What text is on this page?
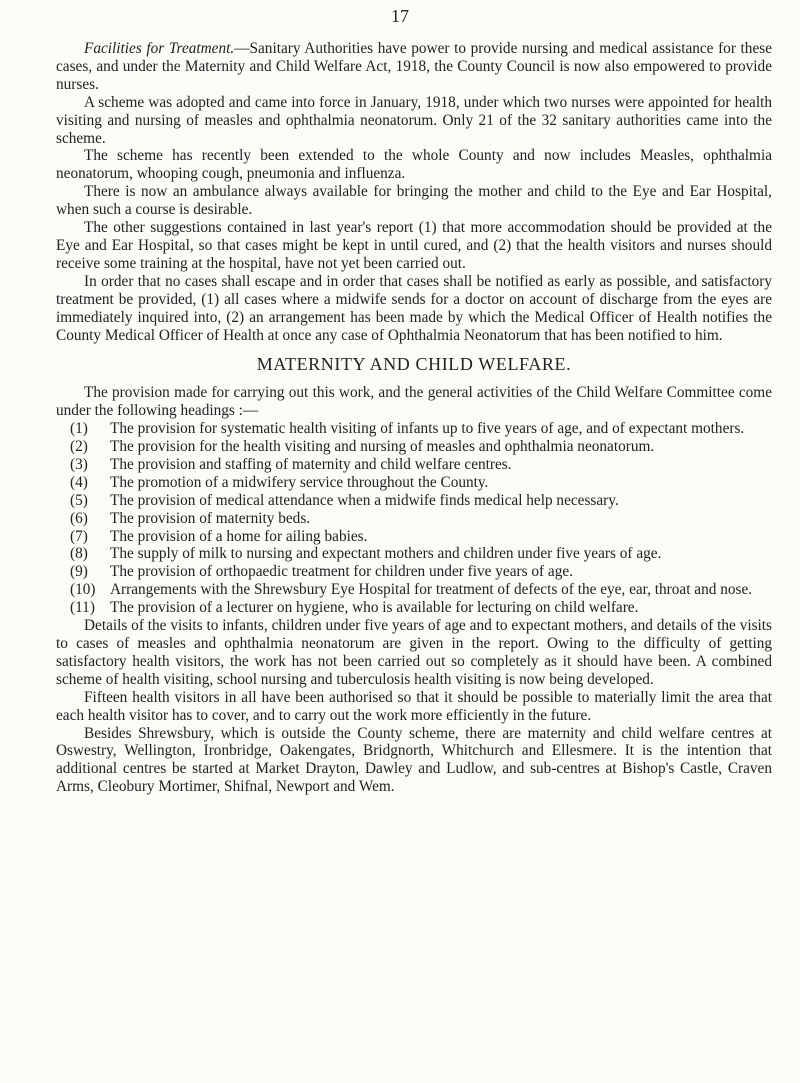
17

Facilities for Treatment.—Sanitary Authorities have power to provide nursing and medical assistance for these cases, and under the Maternity and Child Welfare Act, 1918, the County Council is now also empowered to provide nurses.

A scheme was adopted and came into force in January, 1918, under which two nurses were appointed for health visiting and nursing of measles and ophthalmia neonatorum. Only 21 of the 32 sanitary authorities came into the scheme.

The scheme has recently been extended to the whole County and now includes Measles, ophthalmia neonatorum, whooping cough, pneumonia and influenza.

There is now an ambulance always available for bringing the mother and child to the Eye and Ear Hospital, when such a course is desirable.

The other suggestions contained in last year's report (1) that more accommodation should be provided at the Eye and Ear Hospital, so that cases might be kept in until cured, and (2) that the health visitors and nurses should receive some training at the hospital, have not yet been carried out.

In order that no cases shall escape and in order that cases shall be notified as early as possible, and satisfactory treatment be provided, (1) all cases where a midwife sends for a doctor on account of discharge from the eyes are immediately inquired into, (2) an arrangement has been made by which the Medical Officer of Health notifies the County Medical Officer of Health at once any case of Ophthalmia Neonatorum that has been notified to him.

MATERNITY AND CHILD WELFARE.

The provision made for carrying out this work, and the general activities of the Child Welfare Committee come under the following headings :—

(1) The provision for systematic health visiting of infants up to five years of age, and of expectant mothers.
(2) The provision for the health visiting and nursing of measles and ophthalmia neonatorum.
(3) The provision and staffing of maternity and child welfare centres.
(4) The promotion of a midwifery service throughout the County.
(5) The provision of medical attendance when a midwife finds medical help necessary.
(6) The provision of maternity beds.
(7) The provision of a home for ailing babies.
(8) The supply of milk to nursing and expectant mothers and children under five years of age.
(9) The provision of orthopaedic treatment for children under five years of age.
(10) Arrangements with the Shrewsbury Eye Hospital for treatment of defects of the eye, ear, throat and nose.
(11) The provision of a lecturer on hygiene, who is available for lecturing on child welfare.

Details of the visits to infants, children under five years of age and to expectant mothers, and details of the visits to cases of measles and ophthalmia neonatorum are given in the report. Owing to the difficulty of getting satisfactory health visitors, the work has not been carried out so completely as it should have been. A combined scheme of health visiting, school nursing and tuberculosis health visiting is now being developed.

Fifteen health visitors in all have been authorised so that it should be possible to materially limit the area that each health visitor has to cover, and to carry out the work more efficiently in the future.

Besides Shrewsbury, which is outside the County scheme, there are maternity and child welfare centres at Oswestry, Wellington, Ironbridge, Oakengates, Bridgnorth, Whitchurch and Ellesmere. It is the intention that additional centres be started at Market Drayton, Dawley and Ludlow, and sub-centres at Bishop's Castle, Craven Arms, Cleobury Mortimer, Shifnal, Newport and Wem.
